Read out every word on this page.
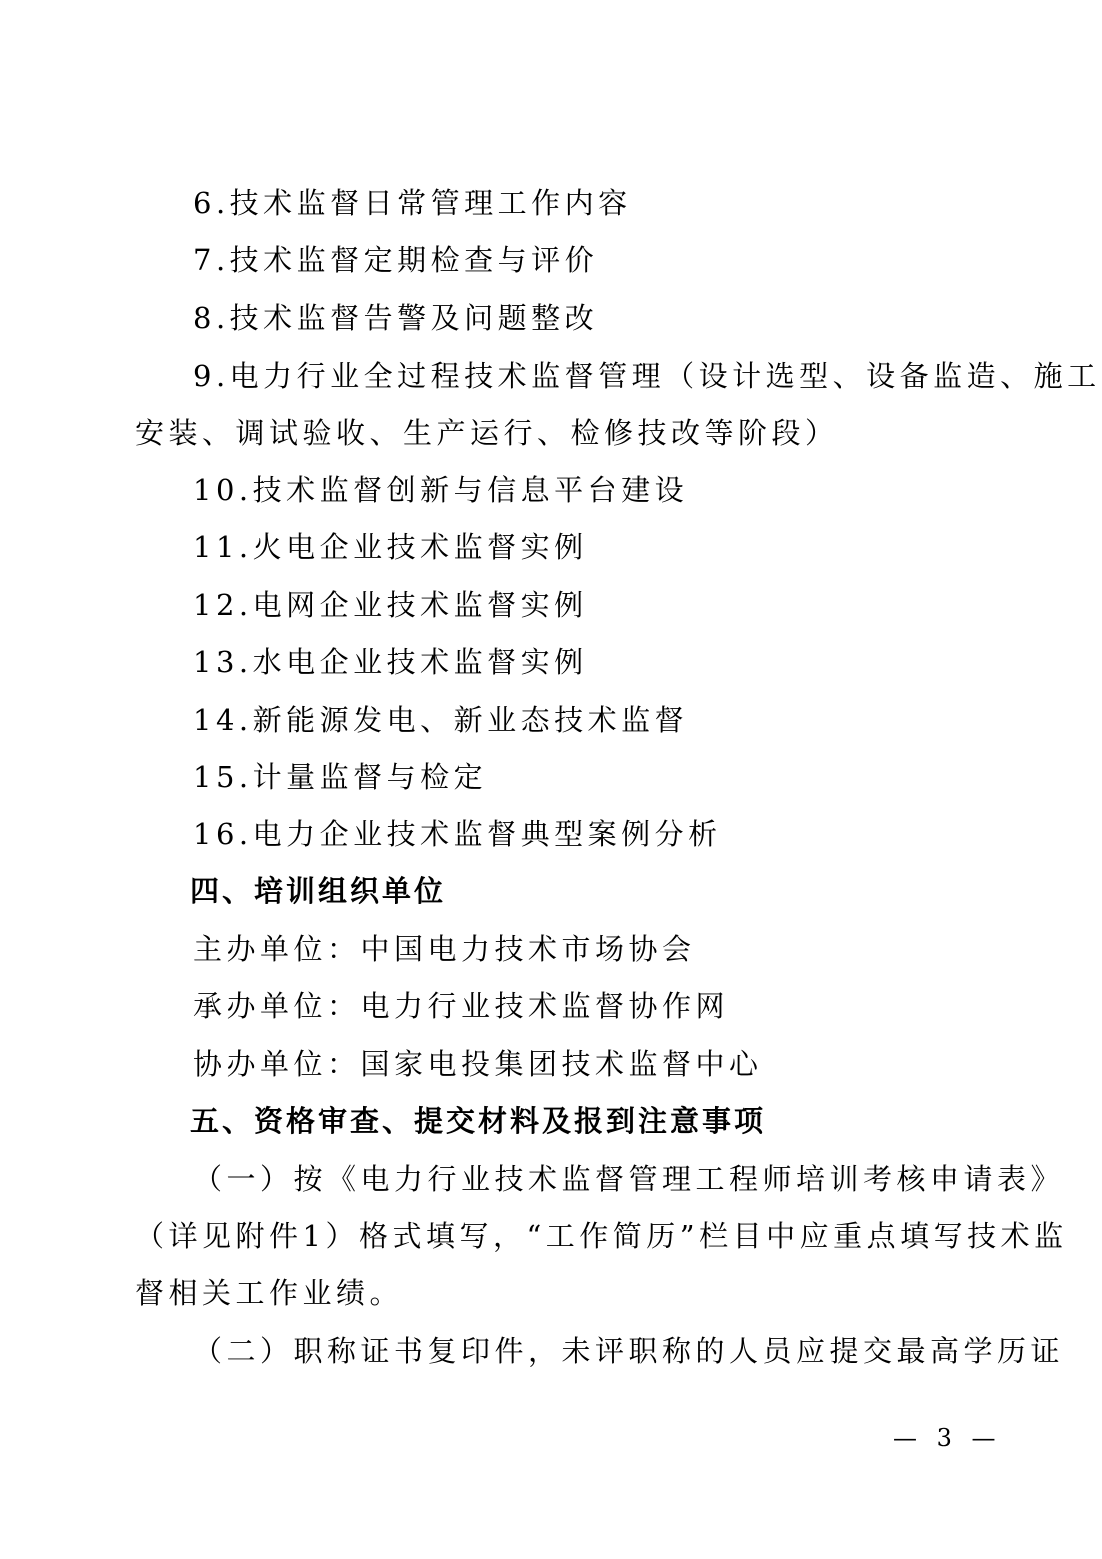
6.技术监督日常管理工作内容
7.技术监督定期检查与评价
8.技术监督告警及问题整改
9.电力行业全过程技术监督管理（设计选型、设备监造、施工
安装、调试验收、生产运行、检修技改等阶段）
10.技术监督创新与信息平台建设
11.火电企业技术监督实例
12.电网企业技术监督实例
13.水电企业技术监督实例
14.新能源发电、新业态技术监督
15.计量监督与检定
16.电力企业技术监督典型案例分析
四、培训组织单位
主办单位：中国电力技术市场协会
承办单位：电力行业技术监督协作网
协办单位：国家电投集团技术监督中心
五、资格审查、提交材料及报到注意事项
（一）按《电力行业技术监督管理工程师培训考核申请表》
（详见附件1）格式填写，“工作简历”栏目中应重点填写技术监
督相关工作业绩。
（二）职称证书复印件，未评职称的人员应提交最高学历证
— 3 —
